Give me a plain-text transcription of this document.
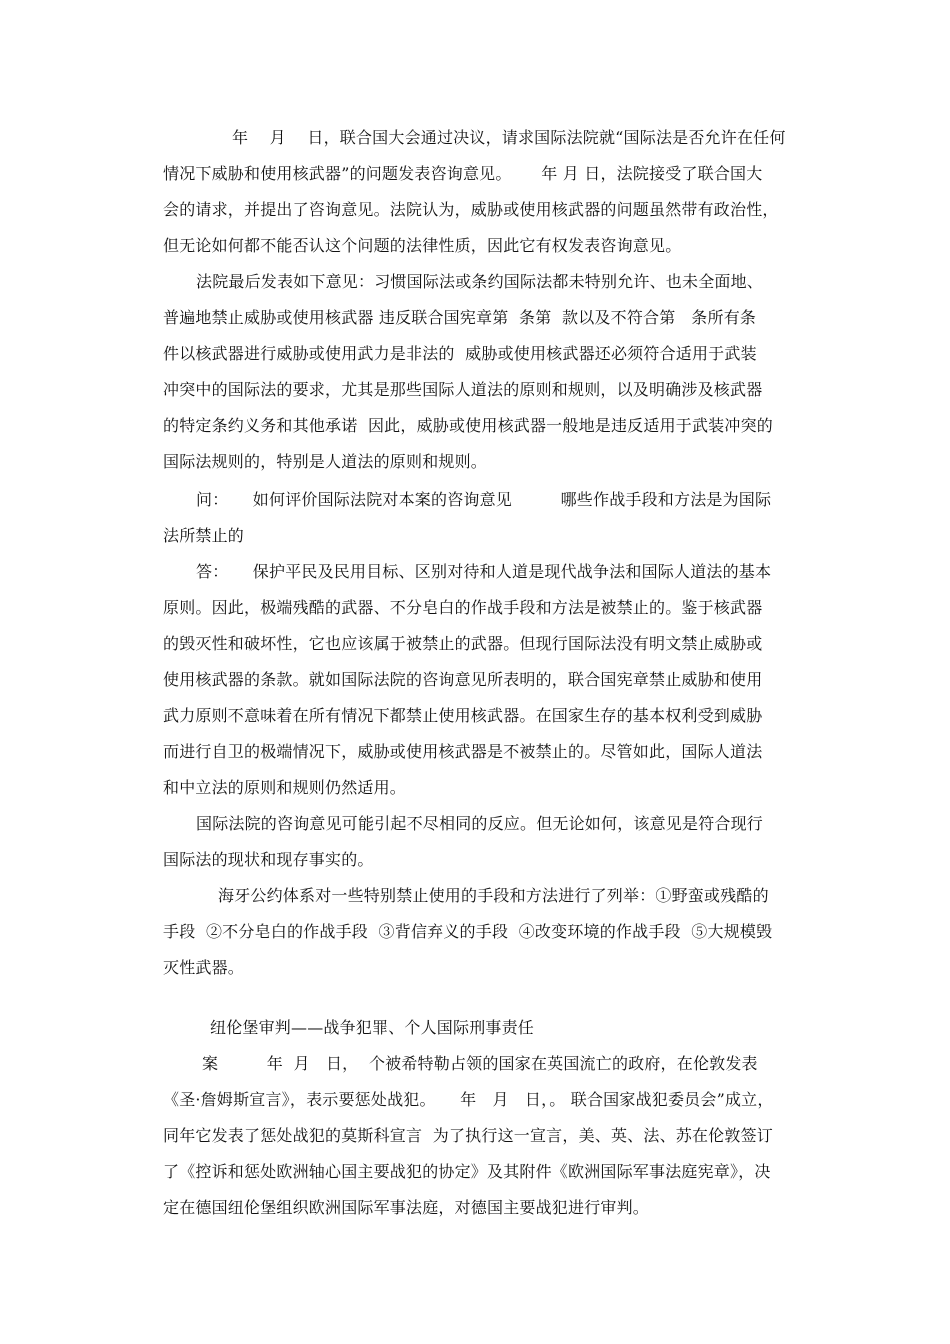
年　 月　 日，联合国大会通过决议，请求国际法院就“国际法是否允许在任何
情况下威胁和使用核武器”的问题发表咨询意见。　　 年 月 日，法院接受了联合国大
会的请求，并提出了咨询意见。法院认为，威胁或使用核武器的问题虽然带有政治性，
但无论如何都不能否认这个问题的法律性质，因此它有权发表咨询意见。
法院最后发表如下意见：习惯国际法或条约国际法都未特别允许、也未全面地、
普遍地禁止威胁或使用核武器 违反联合国宪章第  条第  款以及不符合第   条所有条
件以核武器进行威胁或使用武力是非法的  威胁或使用核武器还必须符合适用于武装
冲突中的国际法的要求，尤其是那些国际人道法的原则和规则，以及明确涉及核武器
的特定条约义务和其他承诺  因此，威胁或使用核武器一般地是违反适用于武装冲突的
国际法规则的，特别是人道法的原则和规则。
问：　　如何评价国际法院对本案的咨询意见　　　哪些作战手段和方法是为国际
法所禁止的
答：　　保护平民及民用目标、区别对待和人道是现代战争法和国际人道法的基本
原则。因此，极端残酷的武器、不分皂白的作战手段和方法是被禁止的。鉴于核武器
的毁灭性和破坏性，它也应该属于被禁止的武器。但现行国际法没有明文禁止威胁或
使用核武器的条款。就如国际法院的咨询意见所表明的，联合国宪章禁止威胁和使用
武力原则不意味着在所有情况下都禁止使用核武器。在国家生存的基本权利受到威胁
而进行自卫的极端情况下，威胁或使用核武器是不被禁止的。尽管如此，国际人道法
和中立法的原则和规则仍然适用。
国际法院的咨询意见可能引起不尽相同的反应。但无论如何，该意见是符合现行
国际法的现状和现存事实的。
海牙公约体系对一些特别禁止使用的手段和方法进行了列举：①野蛮或残酷的
手段  ②不分皂白的作战手段  ③背信弃义的手段  ④改变环境的作战手段  ⑤大规模毁
灭性武器。
纽伦堡审判——战争犯罪、个人国际刑事责任
案　　　年  月　日，  个被希特勒占领的国家在英国流亡的政府，在伦敦发表
《圣·詹姆斯宣言》，表示要惩处战犯。　　年　月　日，。 联合国家战犯委员会”成立，
同年它发表了惩处战犯的莫斯科宣言  为了执行这一宣言，美、英、法、苏在伦敦签订
了《控诉和惩处欧洲轴心国主要战犯的协定》及其附件《欧洲国际军事法庭宪章》，决
定在德国纽伦堡组织欧洲国际军事法庭，对德国主要战犯进行审判。
